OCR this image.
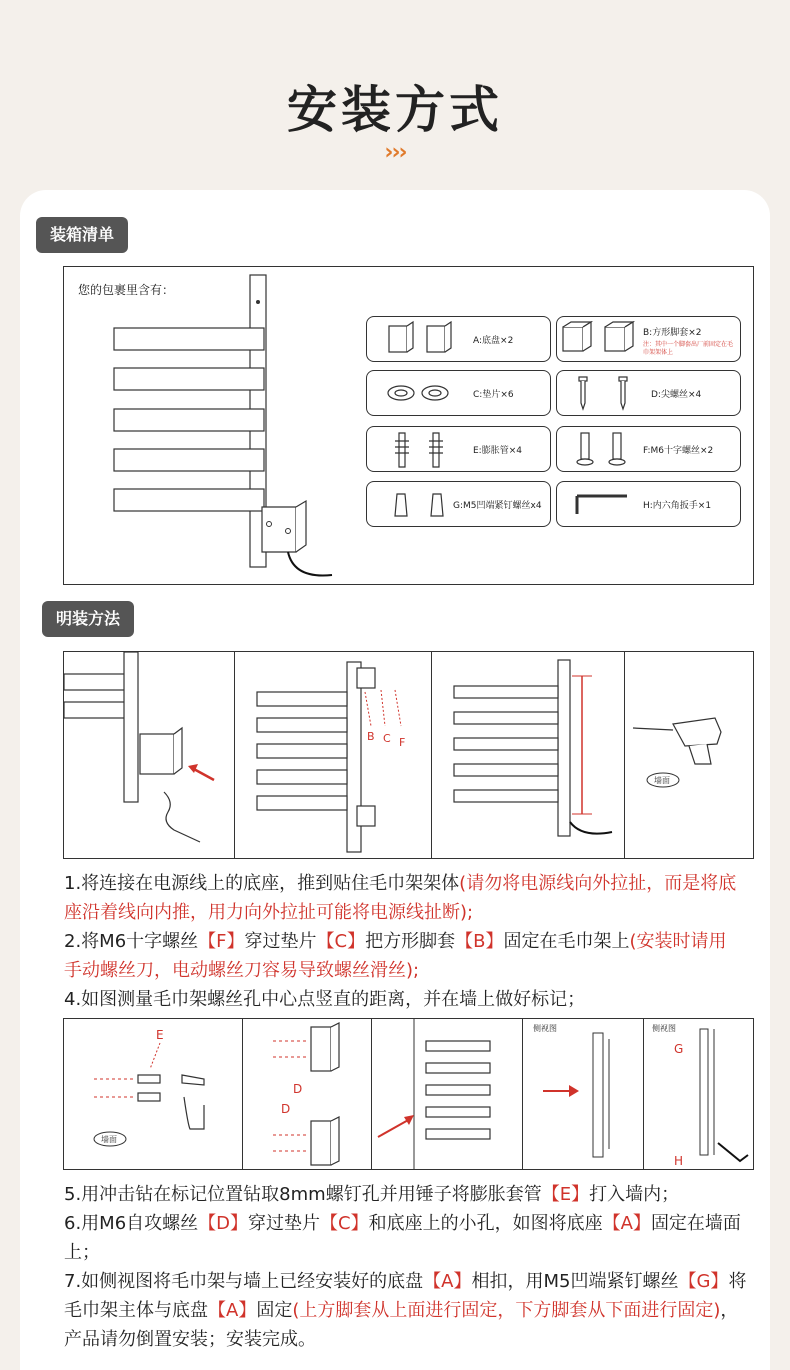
安装方式
›››
装箱清单
您的包裹里含有：
A:底盘×2
B:方形脚套×2
注：其中一个脚套出厂前固定在毛巾架架体上
C:垫片×6	D:尖螺丝×4
E:膨胀管×4	F:M6十字螺丝×2
G:M5凹端紧钉螺丝x4	H:内六角扳手×1
明装方法
B C F
墙面

1.将连接在电源线上的底座，推到贴住毛巾架架体(请勿将电源线向外拉扯，而是将底座沿着线向内推，用力向外拉扯可能将电源线扯断);

2.将M6十字螺丝【F】穿过垫片【C】把方形脚套【B】固定在毛巾架上(安装时请用手动螺丝刀，电动螺丝刀容易导致螺丝滑丝);

4.如图测量毛巾架螺丝孔中心点竖直的距离，并在墙上做好标记；

E
墙面
D
D
侧视图	侧视图
G
H

5.用冲击钻在标记位置钻取8mm螺钉孔并用锤子将膨胀套管【E】打入墙内；

6.用M6自攻螺丝【D】穿过垫片【C】和底座上的小孔，如图将底座【A】固定在墙面上；

7.如侧视图将毛巾架与墙上已经安装好的底盘【A】相扣，用M5凹端紧钉螺丝【G】将毛巾架主体与底盘【A】固定(上方脚套从上面进行固定，下方脚套从下面进行固定)，产品请勿倒置安装；安装完成。
